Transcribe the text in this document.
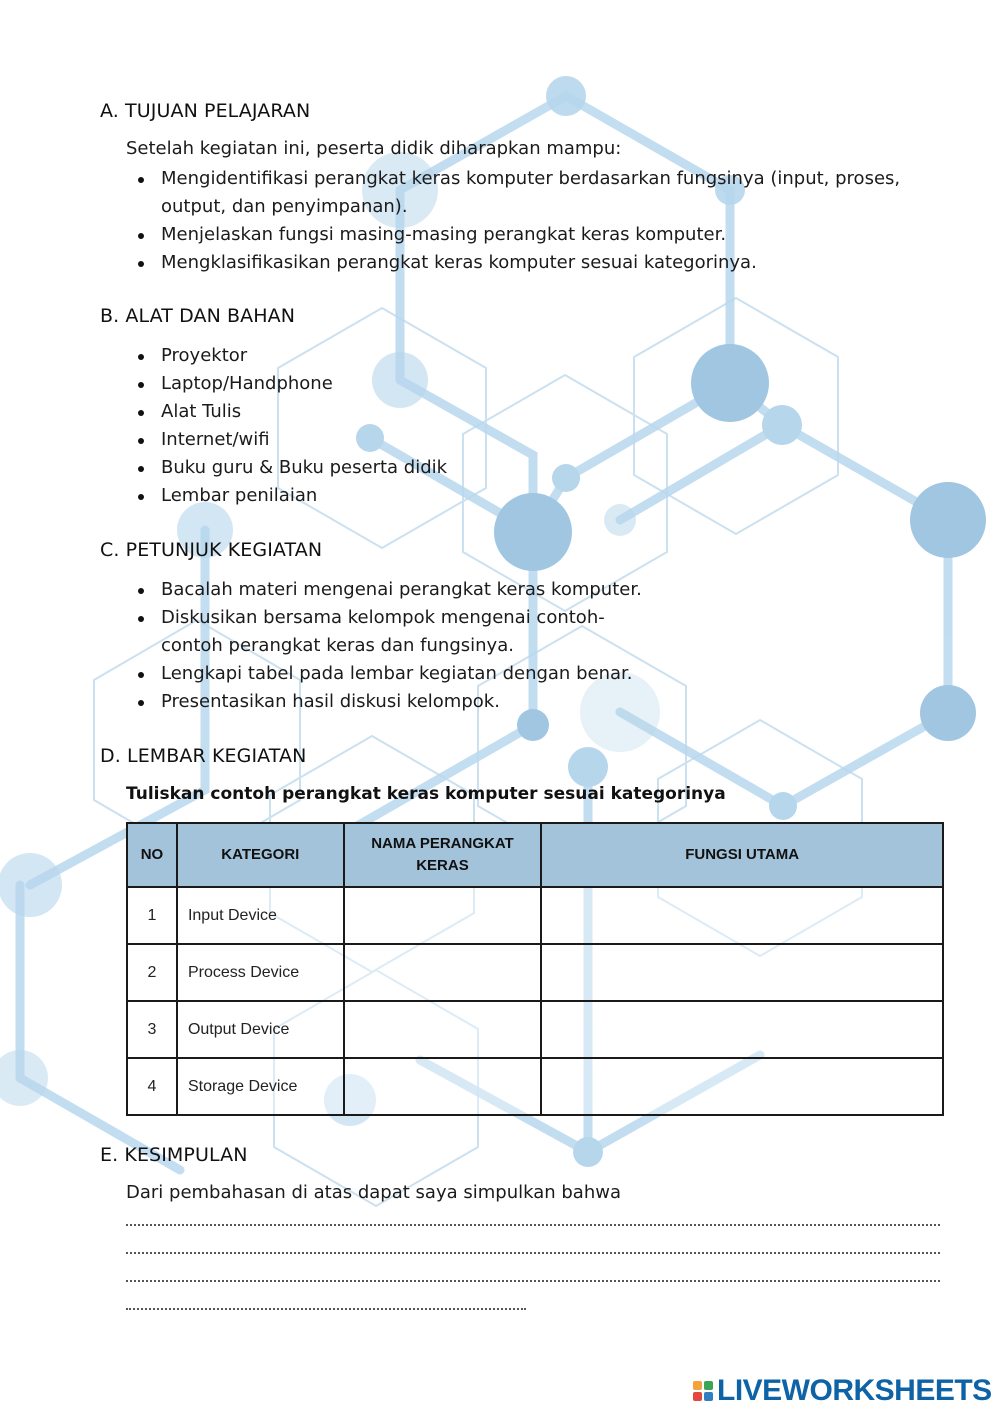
A. TUJUAN PELAJARAN

Setelah kegiatan ini, peserta didik diharapkan mampu:

Mengidentifikasi perangkat keras komputer berdasarkan fungsinya (input, proses, output, dan penyimpanan).
Menjelaskan fungsi masing-masing perangkat keras komputer.
Mengklasifikasikan perangkat keras komputer sesuai kategorinya.
B. ALAT DAN BAHAN
Proyektor
Laptop/Handphone
Alat Tulis
Internet/wifi
Buku guru & Buku peserta didik
Lembar penilaian
C. PETUNJUK KEGIATAN
Bacalah materi mengenai perangkat keras komputer.
Diskusikan bersama kelompok mengenai contoh-
contoh perangkat keras dan fungsinya.
Lengkapi tabel pada lembar kegiatan dengan benar.
Presentasikan hasil diskusi kelompok.
D. LEMBAR KEGIATAN

Tuliskan contoh perangkat keras komputer sesuai kategorinya

NO	KATEGORI	NAMA PERANGKAT KERAS	FUNGSI UTAMA
1	Input Device		
2	Process Device		
3	Output Device		
4	Storage Device		
E. KESIMPULAN

Dari pembahasan di atas dapat saya simpulkan bahwa

LIVEWORKSHEETS
